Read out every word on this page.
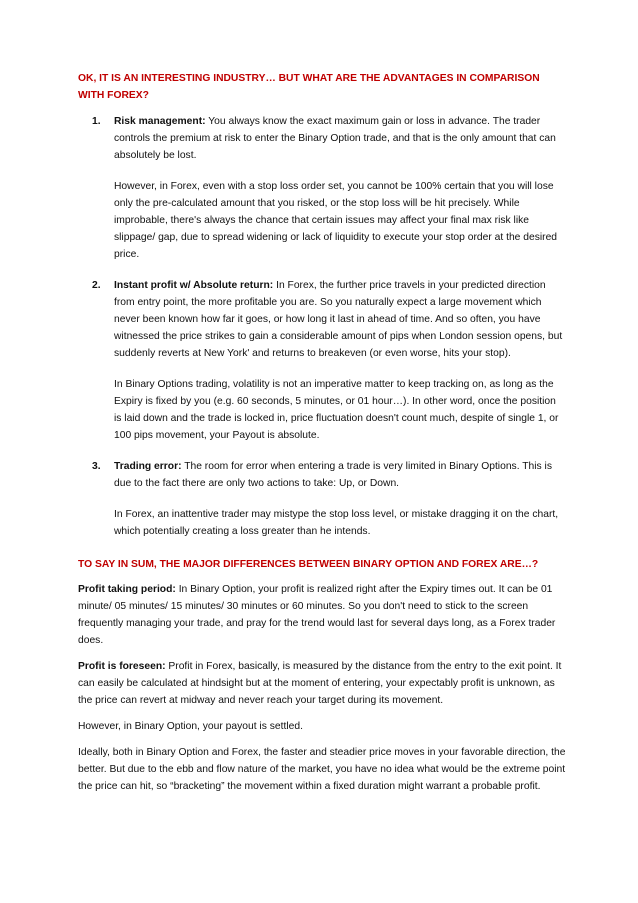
OK, IT IS AN INTERESTING INDUSTRY… BUT WHAT ARE THE ADVANTAGES IN COMPARISON WITH FOREX?

1. Risk management: You always know the exact maximum gain or loss in advance. The trader controls the premium at risk to enter the Binary Option trade, and that is the only amount that can absolutely be lost.

However, in Forex, even with a stop loss order set, you cannot be 100% certain that you will lose only the pre-calculated amount that you risked, or the stop loss will be hit precisely. While improbable, there's always the chance that certain issues may affect your final max risk like slippage/ gap, due to spread widening or lack of liquidity to execute your stop order at the desired price.

2. Instant profit w/ Absolute return: In Forex, the further price travels in your predicted direction from entry point, the more profitable you are. So you naturally expect a large movement which never been known how far it goes, or how long it last in ahead of time. And so often, you have witnessed the price strikes to gain a considerable amount of pips when London session opens, but suddenly reverts at New York' and returns to breakeven (or even worse, hits your stop).

In Binary Options trading, volatility is not an imperative matter to keep tracking on, as long as the Expiry is fixed by you (e.g. 60 seconds, 5 minutes, or 01 hour…). In other word, once the position is laid down and the trade is locked in, price fluctuation doesn't count much, despite of single 1, or 100 pips movement, your Payout is absolute.

3. Trading error: The room for error when entering a trade is very limited in Binary Options. This is due to the fact there are only two actions to take: Up, or Down.

In Forex, an inattentive trader may mistype the stop loss level, or mistake dragging it on the chart, which potentially creating a loss greater than he intends.

TO SAY IN SUM, THE MAJOR DIFFERENCES BETWEEN BINARY OPTION AND FOREX ARE…?

Profit taking period: In Binary Option, your profit is realized right after the Expiry times out. It can be 01 minute/ 05 minutes/ 15 minutes/ 30 minutes or 60 minutes. So you don't need to stick to the screen frequently managing your trade, and pray for the trend would last for several days long, as a Forex trader does.

Profit is foreseen: Profit in Forex, basically, is measured by the distance from the entry to the exit point. It can easily be calculated at hindsight but at the moment of entering, your expectably profit is unknown, as the price can revert at midway and never reach your target during its movement.

However, in Binary Option, your payout is settled.

Ideally, both in Binary Option and Forex, the faster and steadier price moves in your favorable direction, the better. But due to the ebb and flow nature of the market, you have no idea what would be the extreme point the price can hit, so “bracketing” the movement within a fixed duration might warrant a probable profit.
